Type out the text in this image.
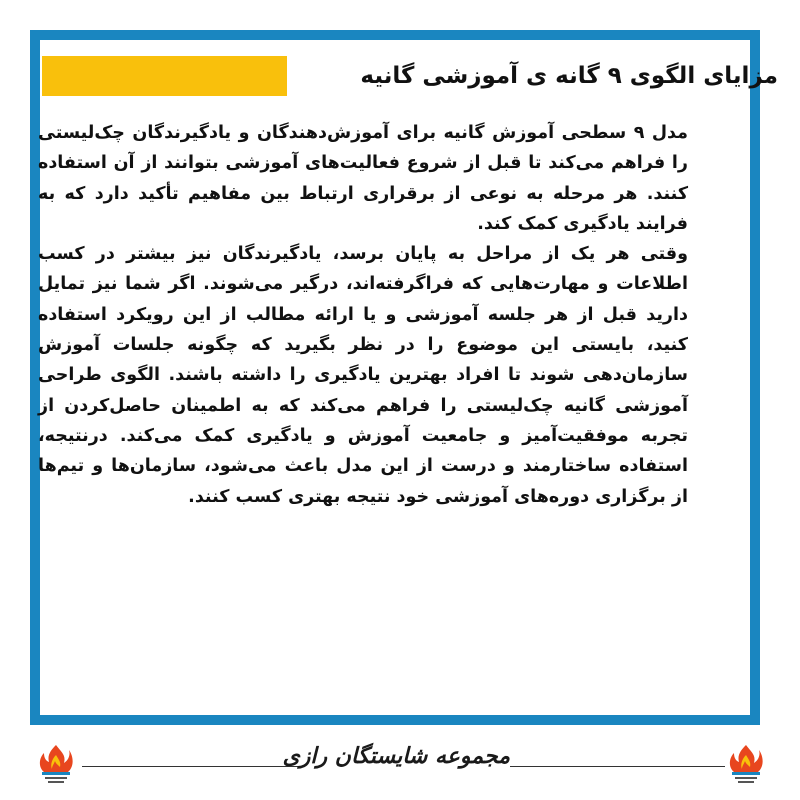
مزایای الگوی ۹ گانه ی آموزشی گانیه

مدل ۹ سطحی آموزش گانیه برای آموزش‌دهندگان و یادگیرندگان چک‌لیستی را فراهم می‌کند تا قبل از شروع فعالیت‌های آموزشی بتوانند از آن استفاده کنند. هر مرحله به نوعی از برقراری ارتباط بین مفاهیم تأکید دارد که به فرایند یادگیری کمک کند.

وقتی هر یک از مراحل به پایان برسد، یادگیرندگان نیز بیشتر در کسب اطلاعات و مهارت‌هایی که فراگرفته‌اند، درگیر می‌شوند. اگر شما نیز تمایل دارید قبل از هر جلسه آموزشی و یا ارائه مطالب از این رویکرد استفاده کنید، بایستی این موضوع را در نظر بگیرید که چگونه جلسات آموزش سازمان‌دهی شوند تا افراد بهترین یادگیری را داشته باشند. الگوی طراحی آموزشی گانیه چک‌لیستی را فراهم می‌کند که به اطمینان حاصل‌کردن از تجربه موفقیت‌آمیز و جامعیت آموزش و یادگیری کمک می‌کند. درنتیجه، استفاده ساختارمند و درست از این مدل باعث می‌شود، سازمان‌ها و تیم‌ها از برگزاری دوره‌های آموزشی خود نتیجه بهتری کسب کنند.

مجموعه شایستگان رازی
